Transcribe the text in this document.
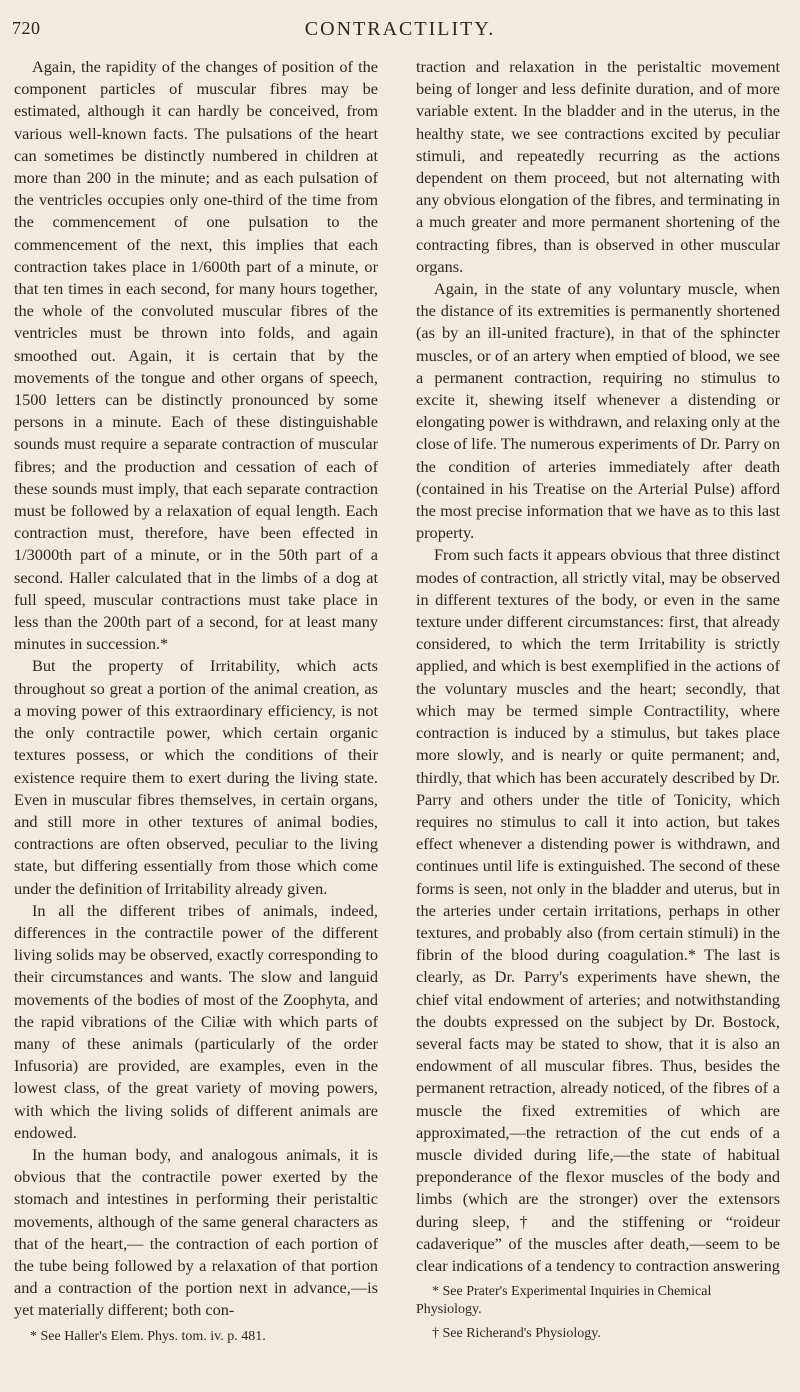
720	CONTRACTILITY.

Again, the rapidity of the changes of position of the component particles of muscular fibres may be estimated, although it can hardly be conceived, from various well-known facts. The pulsations of the heart can sometimes be distinctly numbered in children at more than 200 in the minute; and as each pulsation of the ventricles occupies only one-third of the time from the commencement of one pulsation to the commencement of the next, this implies that each contraction takes place in 1/600th part of a minute, or that ten times in each second, for many hours together, the whole of the convoluted muscular fibres of the ventricles must be thrown into folds, and again smoothed out. Again, it is certain that by the movements of the tongue and other organs of speech, 1500 letters can be distinctly pronounced by some persons in a minute. Each of these distinguishable sounds must require a separate contraction of muscular fibres; and the production and cessation of each of these sounds must imply, that each separate contraction must be followed by a relaxation of equal length. Each contraction must, therefore, have been effected in 1/3000th part of a minute, or in the 50th part of a second. Haller calculated that in the limbs of a dog at full speed, muscular contractions must take place in less than the 200th part of a second, for at least many minutes in succession.*

But the property of Irritability, which acts throughout so great a portion of the animal creation, as a moving power of this extraordinary efficiency, is not the only contractile power, which certain organic textures possess, or which the conditions of their existence require them to exert during the living state. Even in muscular fibres themselves, in certain organs, and still more in other textures of animal bodies, contractions are often observed, peculiar to the living state, but differing essentially from those which come under the definition of Irritability already given.

In all the different tribes of animals, indeed, differences in the contractile power of the different living solids may be observed, exactly corresponding to their circumstances and wants. The slow and languid movements of the bodies of most of the Zoophyta, and the rapid vibrations of the Ciliæ with which parts of many of these animals (particularly of the order Infusoria) are provided, are examples, even in the lowest class, of the great variety of moving powers, with which the living solids of different animals are endowed.

In the human body, and analogous animals, it is obvious that the contractile power exerted by the stomach and intestines in performing their peristaltic movements, although of the same general characters as that of the heart,— the contraction of each portion of the tube being followed by a relaxation of that portion and a contraction of the portion next in advance,—is yet materially different; both con-

* See Haller's Elem. Phys. tom. iv. p. 481.

traction and relaxation in the peristaltic movement being of longer and less definite duration, and of more variable extent. In the bladder and in the uterus, in the healthy state, we see contractions excited by peculiar stimuli, and repeatedly recurring as the actions dependent on them proceed, but not alternating with any obvious elongation of the fibres, and terminating in a much greater and more permanent shortening of the contracting fibres, than is observed in other muscular organs.

Again, in the state of any voluntary muscle, when the distance of its extremities is permanently shortened (as by an ill-united fracture), in that of the sphincter muscles, or of an artery when emptied of blood, we see a permanent contraction, requiring no stimulus to excite it, shewing itself whenever a distending or elongating power is withdrawn, and relaxing only at the close of life. The numerous experiments of Dr. Parry on the condition of arteries immediately after death (contained in his Treatise on the Arterial Pulse) afford the most precise information that we have as to this last property.

From such facts it appears obvious that three distinct modes of contraction, all strictly vital, may be observed in different textures of the body, or even in the same texture under different circumstances: first, that already considered, to which the term Irritability is strictly applied, and which is best exemplified in the actions of the voluntary muscles and the heart; secondly, that which may be termed simple Contractility, where contraction is induced by a stimulus, but takes place more slowly, and is nearly or quite permanent; and, thirdly, that which has been accurately described by Dr. Parry and others under the title of Tonicity, which requires no stimulus to call it into action, but takes effect whenever a distending power is withdrawn, and continues until life is extinguished. The second of these forms is seen, not only in the bladder and uterus, but in the arteries under certain irritations, perhaps in other textures, and probably also (from certain stimuli) in the fibrin of the blood during coagulation.* The last is clearly, as Dr. Parry's experiments have shewn, the chief vital endowment of arteries; and notwithstanding the doubts expressed on the subject by Dr. Bostock, several facts may be stated to show, that it is also an endowment of all muscular fibres. Thus, besides the permanent retraction, already noticed, of the fibres of a muscle the fixed extremities of which are approximated,—the retraction of the cut ends of a muscle divided during life,—the state of habitual preponderance of the flexor muscles of the body and limbs (which are the stronger) over the extensors during sleep,† and the stiffening or “roideur cadaverique” of the muscles after death,—seem to be clear indications of a tendency to contraction answering

* See Prater's Experimental Inquiries in Chemical Physiology.
† See Richerand's Physiology.
